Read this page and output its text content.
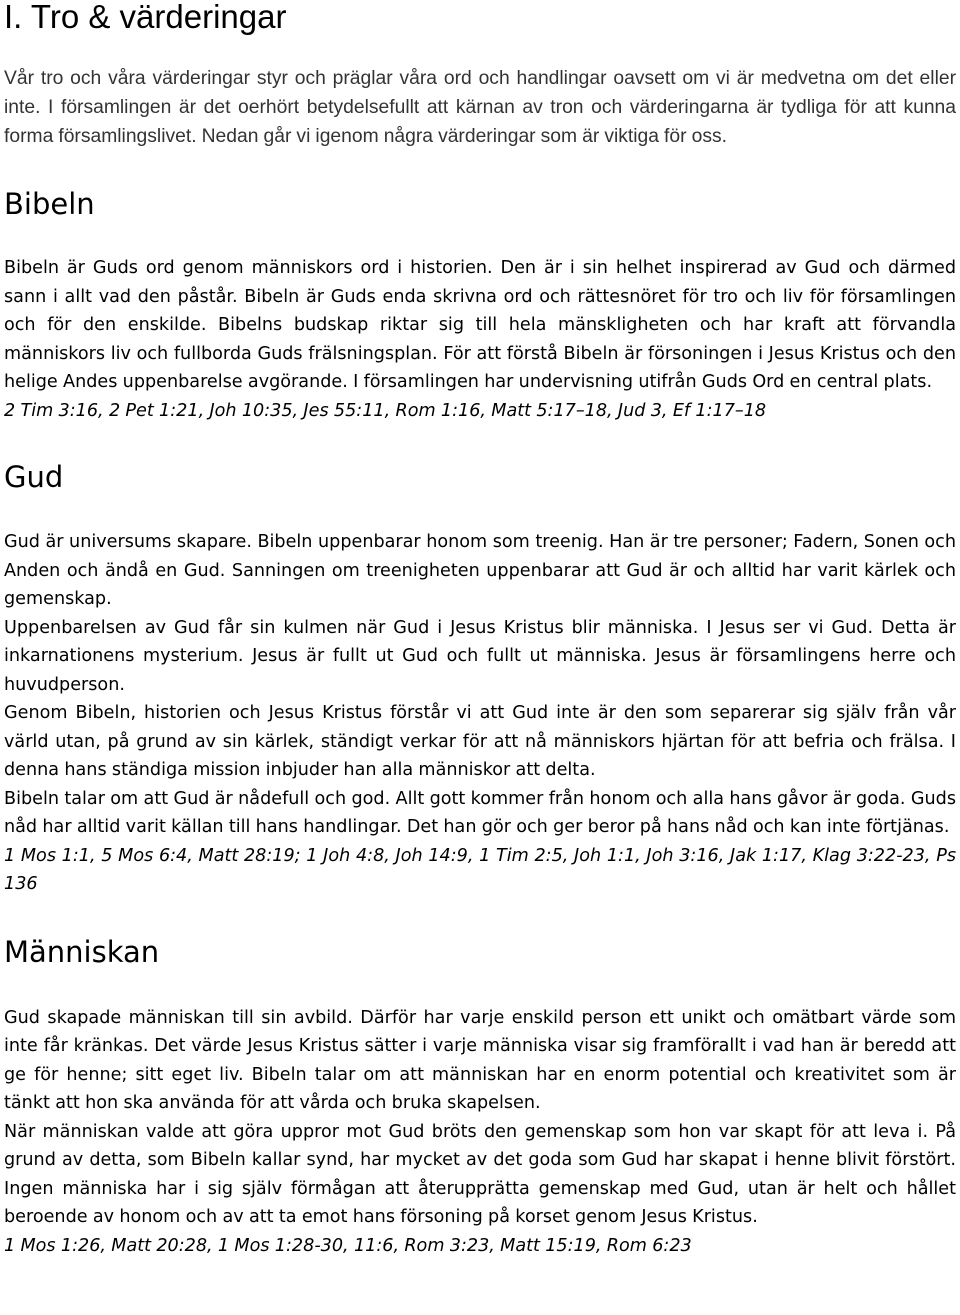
I. Tro & värderingar

Vår tro och våra värderingar styr och präglar våra ord och handlingar oavsett om vi är medvetna om det eller inte. I församlingen är det oerhört betydelsefullt att kärnan av tron och värderingarna är tydliga för att kunna forma församlingslivet. Nedan går vi igenom några värderingar som är viktiga för oss.

Bibeln

Bibeln är Guds ord genom människors ord i historien. Den är i sin helhet inspirerad av Gud och därmed sann i allt vad den påstår. Bibeln är Guds enda skrivna ord och rättesnöret för tro och liv för församlingen och för den enskilde. Bibelns budskap riktar sig till hela mänskligheten och har kraft att förvandla människors liv och fullborda Guds frälsningsplan. För att förstå Bibeln är försoningen i Jesus Kristus och den helige Andes uppenbarelse avgörande. I församlingen har undervisning utifrån Guds Ord en central plats.

2 Tim 3:16, 2 Pet 1:21, Joh 10:35, Jes 55:11, Rom 1:16, Matt 5:17–18, Jud 3, Ef 1:17–18

Gud

Gud är universums skapare. Bibeln uppenbarar honom som treenig. Han är tre personer; Fadern, Sonen och Anden och ändå en Gud. Sanningen om treenigheten uppenbarar att Gud är och alltid har varit kärlek och gemenskap.

Uppenbarelsen av Gud får sin kulmen när Gud i Jesus Kristus blir människa. I Jesus ser vi Gud. Detta är inkarnationens mysterium. Jesus är fullt ut Gud och fullt ut människa. Jesus är församlingens herre och huvudperson.

Genom Bibeln, historien och Jesus Kristus förstår vi att Gud inte är den som separerar sig själv från vår värld utan, på grund av sin kärlek, ständigt verkar för att nå människors hjärtan för att befria och frälsa. I denna hans ständiga mission inbjuder han alla människor att delta.

Bibeln talar om att Gud är nådefull och god. Allt gott kommer från honom och alla hans gåvor är goda. Guds nåd har alltid varit källan till hans handlingar. Det han gör och ger beror på hans nåd och kan inte förtjänas.

1 Mos 1:1, 5 Mos 6:4, Matt 28:19; 1 Joh 4:8, Joh 14:9, 1 Tim 2:5, Joh 1:1, Joh 3:16, Jak 1:17, Klag 3:22-23, Ps 136

Människan

Gud skapade människan till sin avbild. Därför har varje enskild person ett unikt och omätbart värde som inte får kränkas. Det värde Jesus Kristus sätter i varje människa visar sig framförallt i vad han är beredd att ge för henne; sitt eget liv. Bibeln talar om att människan har en enorm potential och kreativitet som är tänkt att hon ska använda för att vårda och bruka skapelsen.

När människan valde att göra uppror mot Gud bröts den gemenskap som hon var skapt för att leva i. På grund av detta, som Bibeln kallar synd, har mycket av det goda som Gud har skapat i henne blivit förstört. Ingen människa har i sig själv förmågan att återupprätta gemenskap med Gud, utan är helt och hållet beroende av honom och av att ta emot hans försoning på korset genom Jesus Kristus.

1 Mos 1:26, Matt 20:28, 1 Mos 1:28-30, 11:6, Rom 3:23, Matt 15:19, Rom 6:23
